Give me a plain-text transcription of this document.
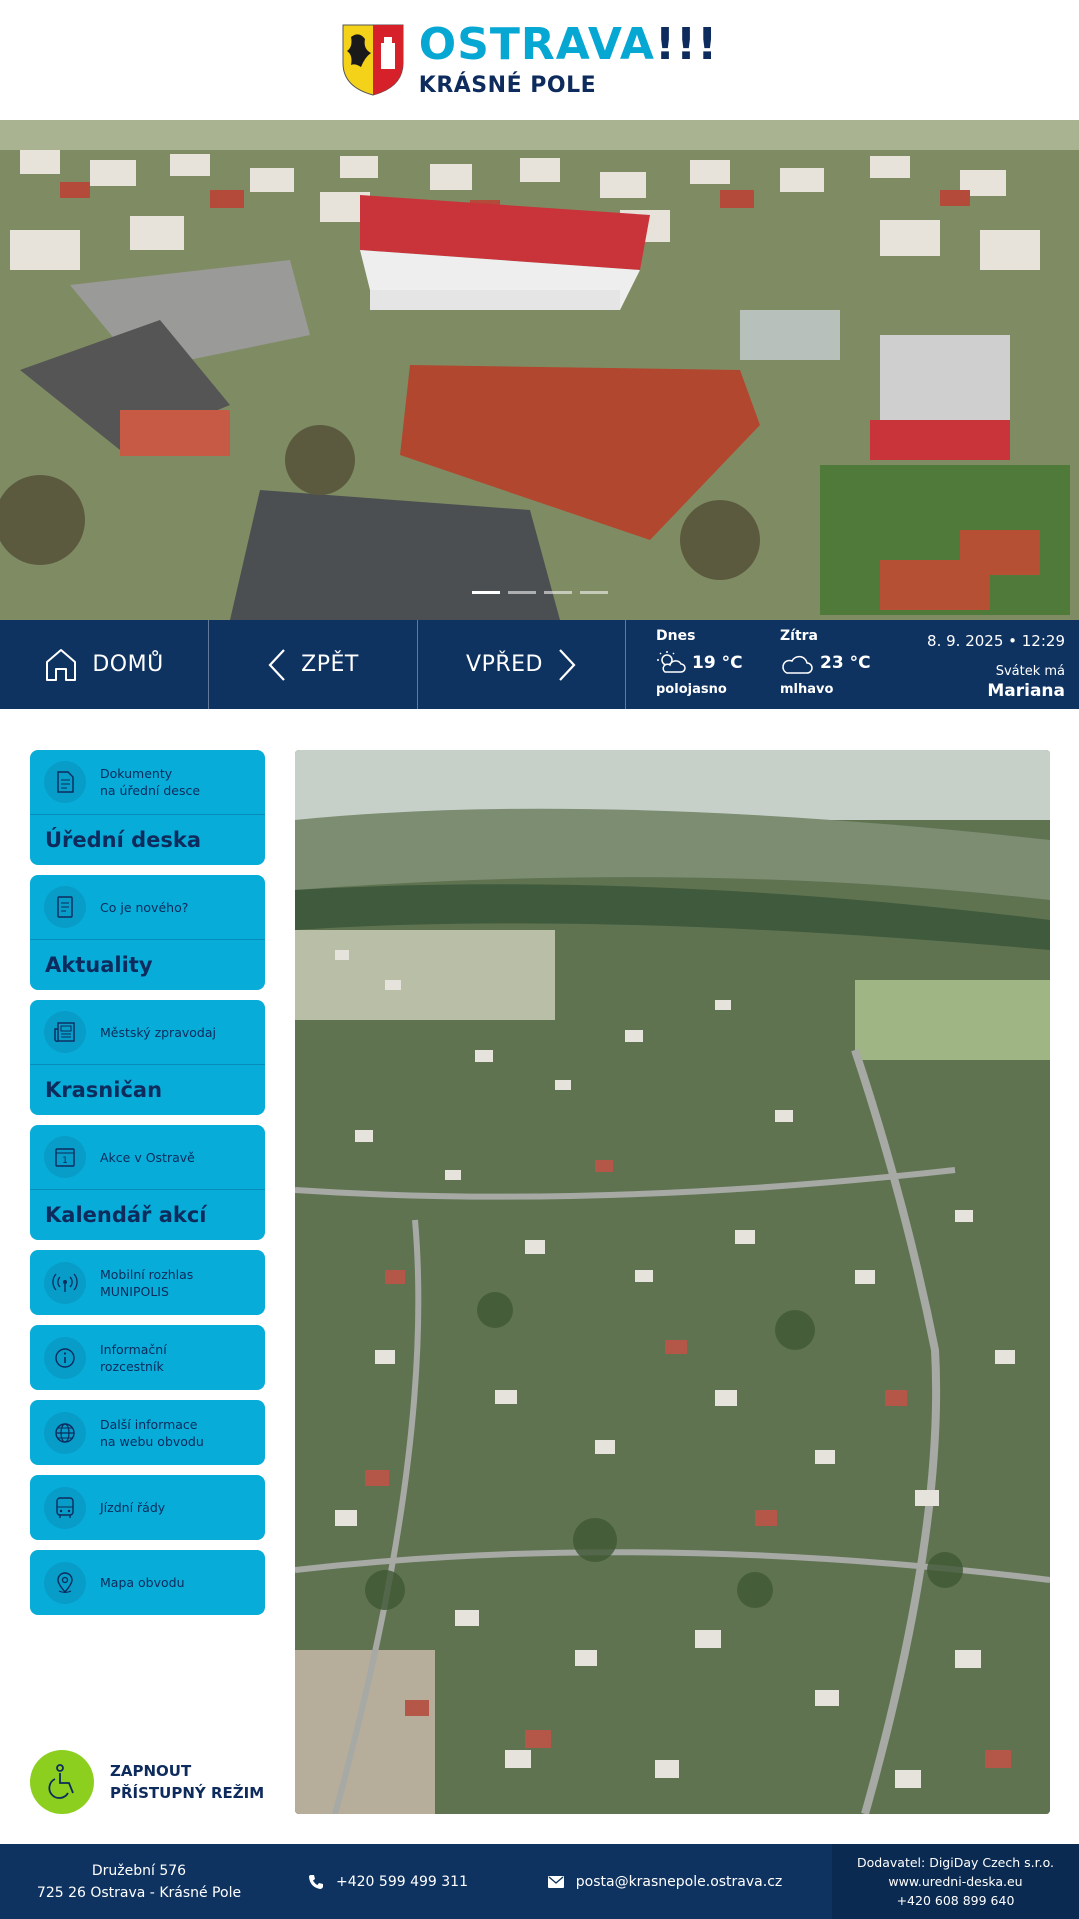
OSTRAVA!!!
KRÁSNÉ POLE
DOMŮ	ZPĚT	VPŘED
Dnes
19 °C
polojasno
Zítra
23 °C
mlhavo
8. 9. 2025 • 12:29
Svátek má
Mariana
Dokumenty
na úřední desce
Úřední deska
Co je nového?
Aktuality
Městský zpravodaj
Krasničan
1	Akce v Ostravě
Kalendář akcí
Mobilní rozhlas
MUNIPOLIS
Informační
rozcestník
Další informace
na webu obvodu
Jízdní řády
Mapa obvodu
ZAPNOUT
PŘÍSTUPNÝ REŽIM
Družební 576
725 26 Ostrava - Krásné Pole
+420 599 499 311	posta@krasnepole.ostrava.cz
Dodavatel: DigiDay Czech s.r.o.
www.uredni-deska.eu
+420 608 899 640
